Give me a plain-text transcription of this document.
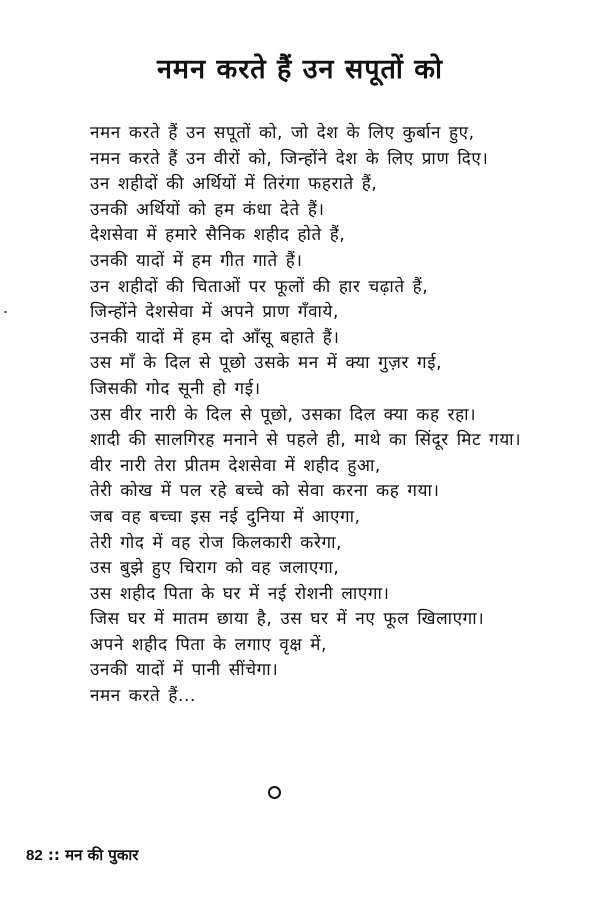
नमन करते हैं उन सपूतों को
नमन करते हैं उन सपूतों को, जो देश के लिए कुर्बान हुए,
नमन करते हैं उन वीरों को, जिन्होंने देश के लिए प्राण दिए।
उन शहीदों की अर्थियों में तिरंगा फहराते हैं,
उनकी अर्थियों को हम कंधा देते हैं।
देशसेवा में हमारे सैनिक शहीद होते हैं,
उनकी यादों में हम गीत गाते हैं।
उन शहीदों की चिताओं पर फूलों की हार चढ़ाते हैं,
जिन्होंने देशसेवा में अपने प्राण गँवाये,
उनकी यादों में हम दो आँसू बहाते हैं।
उस माँ के दिल से पूछो उसके मन में क्या गुज़र गई,
जिसकी गोद सूनी हो गई।
उस वीर नारी के दिल से पूछो, उसका दिल क्या कह रहा।
शादी की सालगिरह मनाने से पहले ही, माथे का सिंदूर मिट गया।
वीर नारी तेरा प्रीतम देशसेवा में शहीद हुआ,
तेरी कोख में पल रहे बच्चे को सेवा करना कह गया।
जब वह बच्चा इस नई दुनिया में आएगा,
तेरी गोद में वह रोज किलकारी करेगा,
उस बुझे हुए चिराग को वह जलाएगा,
उस शहीद पिता के घर में नई रोशनी लाएगा।
जिस घर में मातम छाया है, उस घर में नए फूल खिलाएगा।
अपने शहीद पिता के लगाए वृक्ष में,
उनकी यादों में पानी सींचेगा।
नमन करते हैं...
82 :: मन की पुकार
